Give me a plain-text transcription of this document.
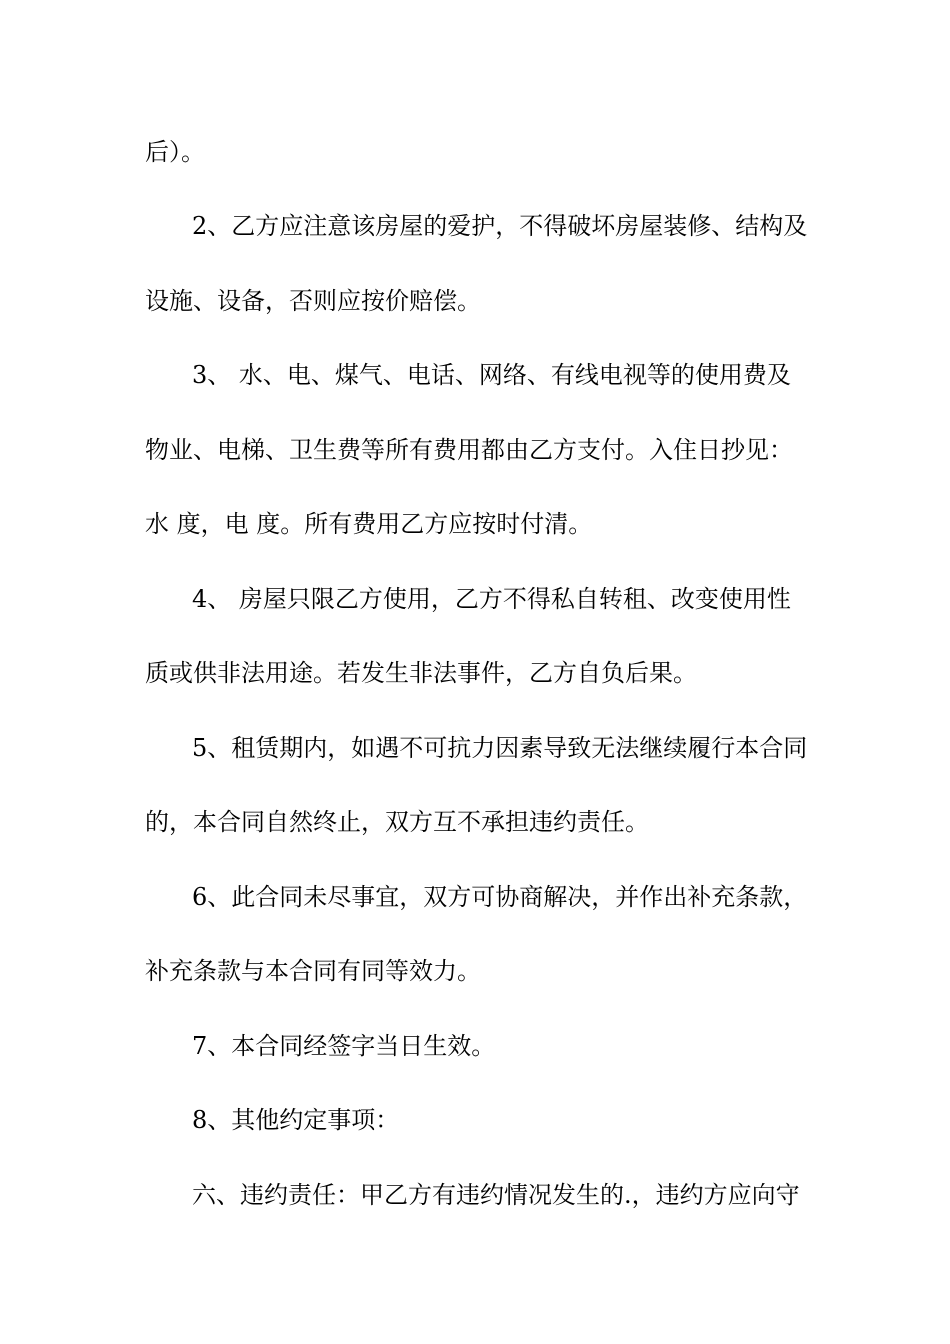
后）。
2、乙方应注意该房屋的爱护，不得破坏房屋装修、结构及
设施、设备，否则应按价赔偿。
3、 水、电、煤气、电话、网络、有线电视等的使用费及
物业、电梯、卫生费等所有费用都由乙方支付。入住日抄见：
水 度，电 度。所有费用乙方应按时付清。
4、 房屋只限乙方使用，乙方不得私自转租、改变使用性
质或供非法用途。若发生非法事件，乙方自负后果。
5、租赁期内，如遇不可抗力因素导致无法继续履行本合同
的，本合同自然终止，双方互不承担违约责任。
6、此合同未尽事宜，双方可协商解决，并作出补充条款，
补充条款与本合同有同等效力。
7、本合同经签字当日生效。
8、其他约定事项：
六、违约责任：甲乙方有违约情况发生的.，违约方应向守
